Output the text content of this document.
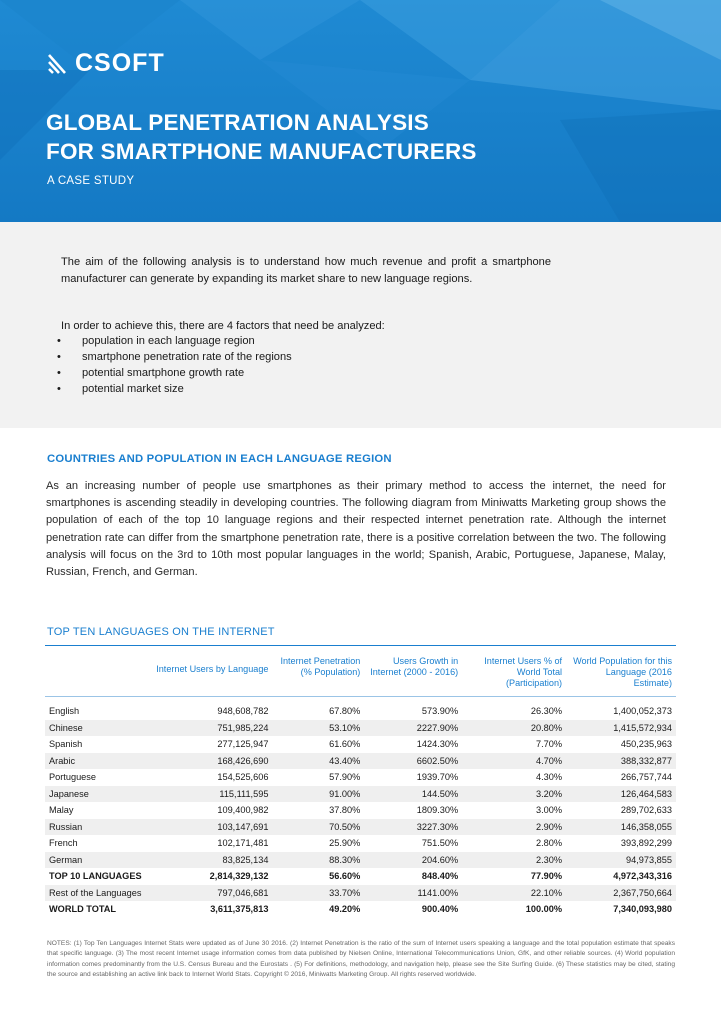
CSOFT
GLOBAL PENETRATION ANALYSIS
FOR SMARTPHONE MANUFACTURERS
A CASE STUDY

The aim of the following analysis is to understand how much revenue and profit a smartphone manufacturer can generate by expanding its market share to new language regions.

In order to achieve this, there are 4 factors that need be analyzed:

•	population in each language region
•	smartphone penetration rate of the regions
•	potential smartphone growth rate
•	potential market size
COUNTRIES AND POPULATION IN EACH LANGUAGE REGION

As an increasing number of people use smartphones as their primary method to access the internet, the need for smartphones is ascending steadily in developing countries. The following diagram from Miniwatts Marketing group shows the population of each of the top 10 language regions and their respected internet penetration rate. Although the internet penetration rate can differ from the smartphone penetration rate, there is a positive correlation between the two. The following analysis will focus on the 3rd to 10th most popular languages in the world; Spanish, Arabic, Portuguese, Japanese, Malay, Russian, French, and German.

TOP TEN LANGUAGES ON THE INTERNET
	Internet Users by Language	Internet Penetration (% Population)	Users Growth in Internet (2000 - 2016)	Internet Users % of World Total (Participation)	World Population for this Language (2016 Estimate)

English	948,608,782	67.80%	573.90%	26.30%	1,400,052,373
Chinese	751,985,224	53.10%	2227.90%	20.80%	1,415,572,934
Spanish	277,125,947	61.60%	1424.30%	7.70%	450,235,963
Arabic	168,426,690	43.40%	6602.50%	4.70%	388,332,877
Portuguese	154,525,606	57.90%	1939.70%	4.30%	266,757,744
Japanese	115,111,595	91.00%	144.50%	3.20%	126,464,583
Malay	109,400,982	37.80%	1809.30%	3.00%	289,702,633
Russian	103,147,691	70.50%	3227.30%	2.90%	146,358,055
French	102,171,481	25.90%	751.50%	2.80%	393,892,299
German	83,825,134	88.30%	204.60%	2.30%	94,973,855
TOP 10 LANGUAGES	2,814,329,132	56.60%	848.40%	77.90%	4,972,343,316
Rest of the Languages	797,046,681	33.70%	1141.00%	22.10%	2,367,750,664
WORLD TOTAL	3,611,375,813	49.20%	900.40%	100.00%	7,340,093,980

NOTES: (1) Top Ten Languages Internet Stats were updated as of June 30 2016. (2) Internet Penetration is the ratio of the sum of Internet users speaking a language and the total population estimate that speaks that specific language. (3) The most recent Internet usage information comes from data published by Nielsen Online, International Telecommunications Union, GfK, and other reliable sources. (4) World population information comes predominantly from the U.S. Census Bureau and the Eurostats . (5) For definitions, methodology, and navigation help, please see the Site Surfing Guide. (6) These statistics may be cited, stating the source and establishing an active link back to Internet World Stats. Copyright © 2016, Miniwatts Marketing Group. All rights reserved worldwide.
